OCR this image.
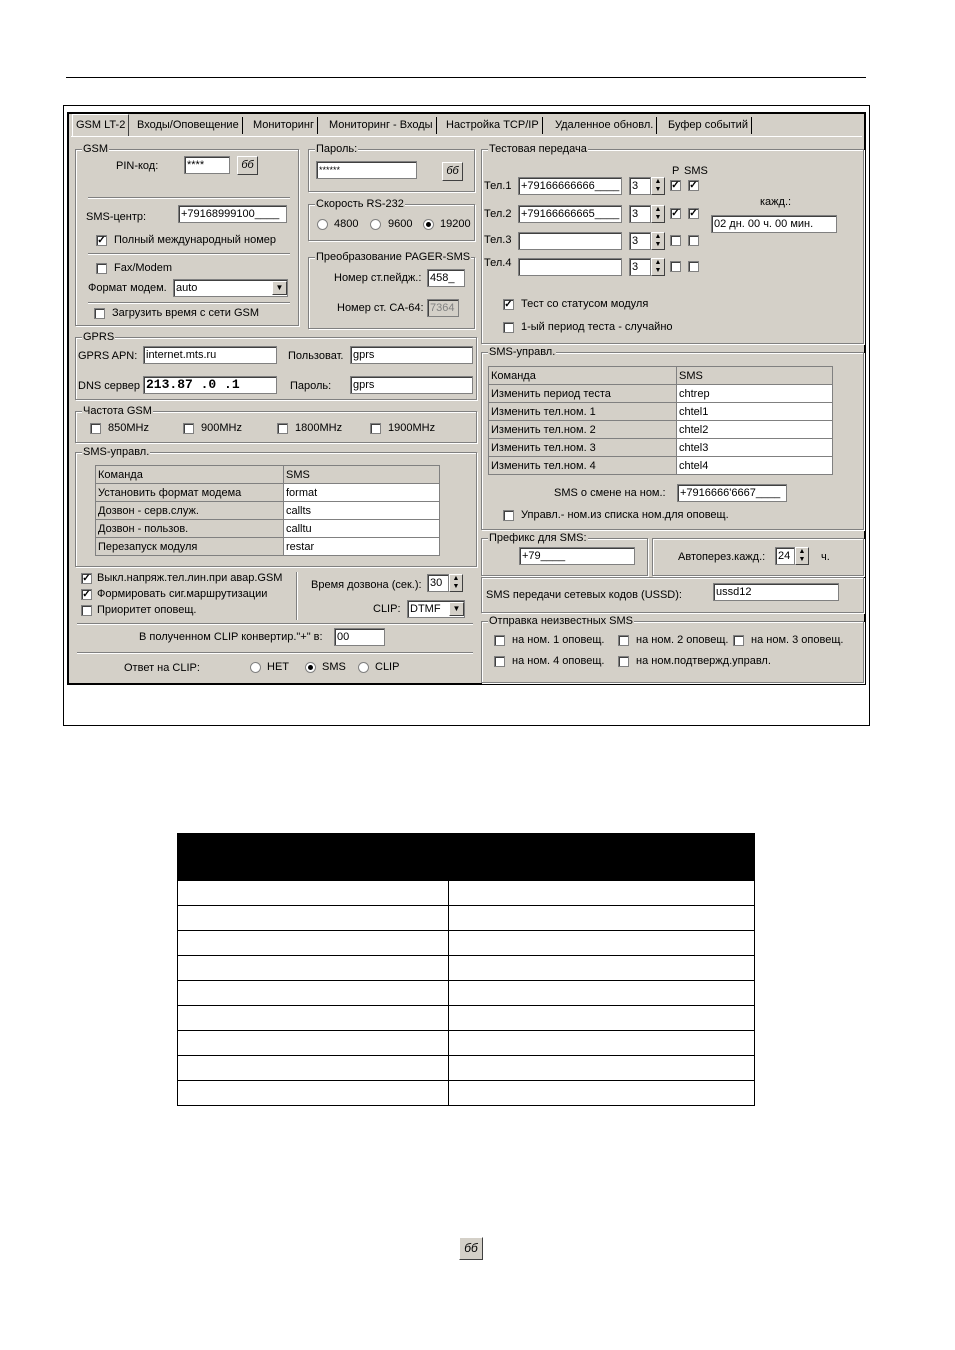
GSM LT-2	Входы/Оповещение	Мониторинг	Мониторинг - Входы	Настройка TCP/IP	Удаленное обновл.	Буфер событий
GSM
PIN-код:	****	бб
SMS-центр:	+79168999100____
✓ Полный международный номер
Fax/Modem
Формат модем. auto	▼
Загрузить время с сети GSM
Пароль:
******	бб
Скорость RS-232
4800	9600	19200
Преобразование PAGER-SMS
Номер ст.пейдж.: 458_
Номер ст. CA-64: 7364
GPRS
GPRS APN: internet.mts.ru	Пользоват. gprs
DNS сервер 213.87 .0 .1	Пароль: gprs
Частота GSM
850MHz	900MHz	1800MHz	1900MHz
SMS-управл.
Команда	SMS
Установить формат модема	format
Дозвон - серв.служ.	callts
Дозвон - пользов.	calltu
Перезапуск модуля	restar
✓ Выкл.напряж.тел.лин.при авар.GSM
✓ Формировать сиг.маршрутизации
Приоритет оповещ.
Время дозвона (сек.): 30	▲
▼
CLIP: DTMF	▼
В полученном CLIP конвертир."+" в: 00
Ответ на CLIP:	НЕТ	SMS	CLIP
Тестовая передача
P SMS
Тел.1 +79166666666____ 3	▲
▼ ✓ ✓
Тел.2 +79166666665____ 3	▲
▼ ✓ ✓
Тел.3	3	▲
▼
Тел.4	3	▲
▼
кажд.:
02 дн. 00 ч. 00 мин.
✓ Тест со статусом модуля
1-ый период теста - случайно
SMS-управл.
Команда	SMS
Изменить период теста	chtrep
Изменить тел.ном. 1	chtel1
Изменить тел.ном. 2	chtel2
Изменить тел.ном. 3	chtel3
Изменить тел.ном. 4	chtel4
SMS о смене на ном.: +7916666'6667____
Управл.- ном.из списка ном.для оповещ.
Префикс для SMS:
+79____	Автоперез.кажд.: 24	▲
▼	ч.
SMS передачи сетевых кодов (USSD):	ussd12
Отправка неизвестных SMS
на ном. 1 оповещ.	на ном. 2 оповещ. на ном. 3 оповещ.
на ном. 4 оповещ.	на ном.подтвержд.управл.

бб
